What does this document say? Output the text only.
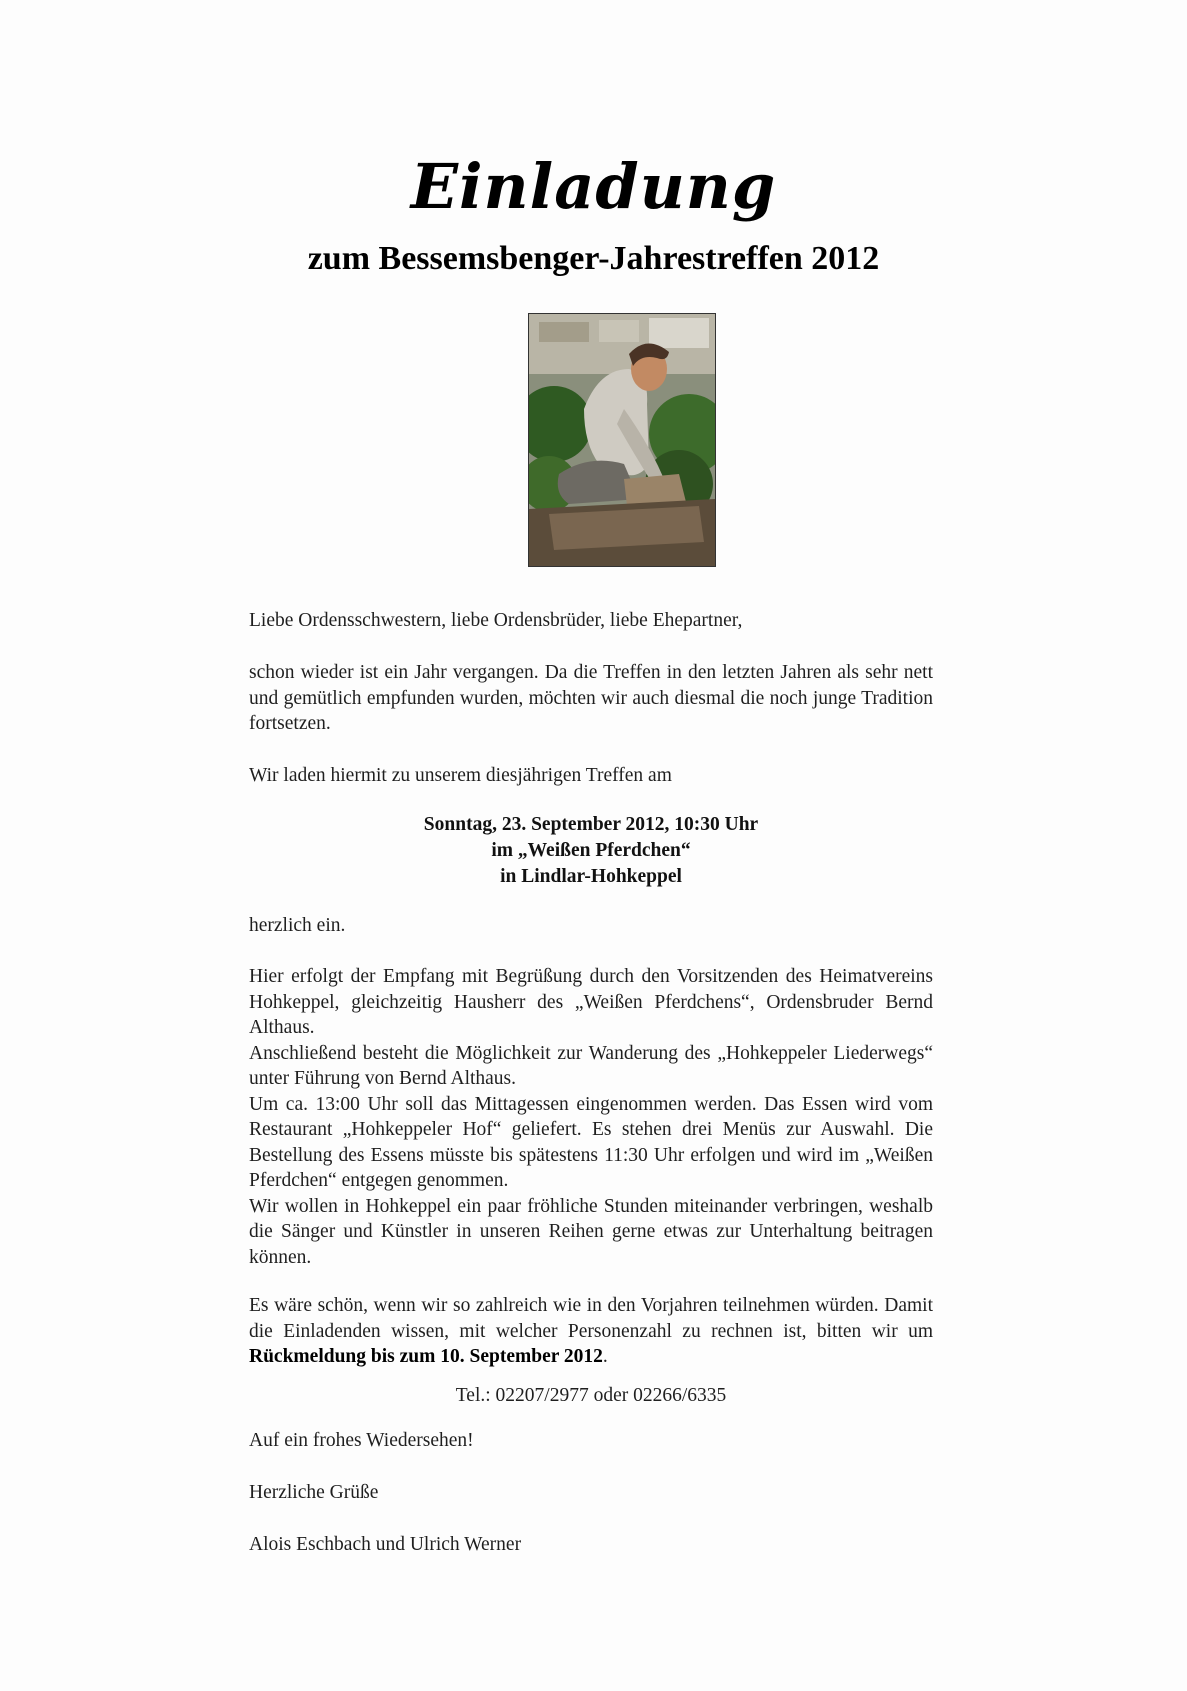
Einladung
zum Bessemsbenger-Jahrestreffen 2012

Liebe Ordensschwestern, liebe Ordensbrüder, liebe Ehepartner,

schon wieder ist ein Jahr vergangen. Da die Treffen in den letzten Jahren als sehr nett und gemütlich empfunden wurden, möchten wir auch diesmal die noch junge Tradition fortsetzen.

Wir laden hiermit zu unserem diesjährigen Treffen am

Sonntag, 23. September 2012, 10:30 Uhr
im „Weißen Pferdchen“
in Lindlar-Hohkeppel

herzlich ein.

Hier erfolgt der Empfang mit Begrüßung durch den Vorsitzenden des Heimatvereins Hohkeppel, gleichzeitig Hausherr des „Weißen Pferdchens“, Ordensbruder Bernd Althaus.

Anschließend besteht die Möglichkeit zur Wanderung des „Hohkeppeler Liederwegs“ unter Führung von Bernd Althaus.

Um ca. 13:00 Uhr soll das Mittagessen eingenommen werden. Das Essen wird vom Restaurant „Hohkeppeler Hof“ geliefert. Es stehen drei Menüs zur Auswahl. Die Bestellung des Essens müsste bis spätestens 11:30 Uhr erfolgen und wird im „Weißen Pferdchen“ entgegen genommen.

Wir wollen in Hohkeppel ein paar fröhliche Stunden miteinander verbringen, weshalb die Sänger und Künstler in unseren Reihen gerne etwas zur Unterhaltung beitragen können.

Es wäre schön, wenn wir so zahlreich wie in den Vorjahren teilnehmen würden. Damit die Einladenden wissen, mit welcher Personenzahl zu rechnen ist, bitten wir um Rückmeldung bis zum 10. September 2012.

Tel.: 02207/2977 oder 02266/6335

Auf ein frohes Wiedersehen!

Herzliche Grüße

Alois Eschbach und Ulrich Werner
